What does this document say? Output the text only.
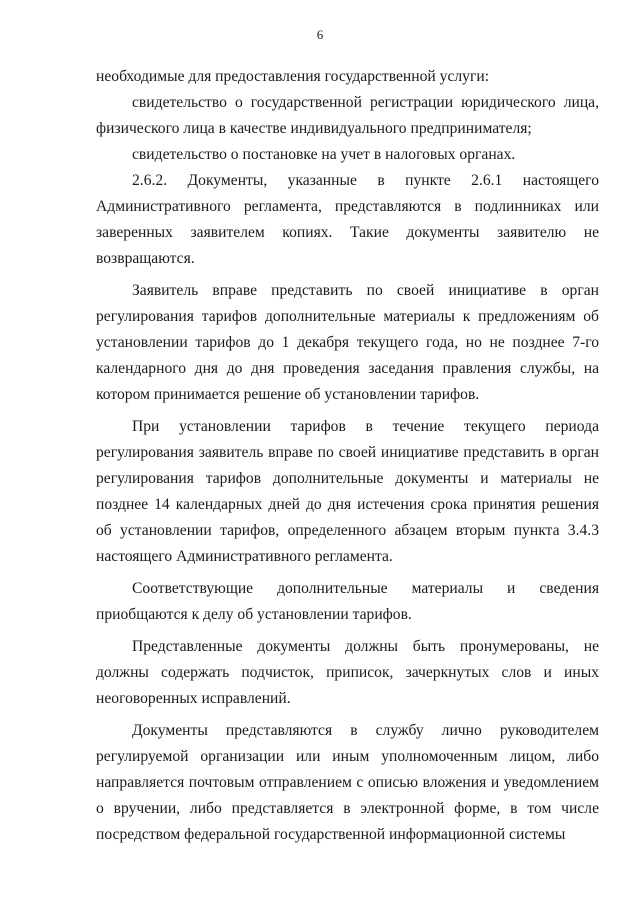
6

необходимые для предоставления государственной услуги:

свидетельство о государственной регистрации юридического лица, физического лица в качестве индивидуального предпринимателя;

свидетельство о постановке на учет в налоговых органах.

2.6.2. Документы, указанные в пункте 2.6.1 настоящего Административного регламента, представляются в подлинниках или заверенных заявителем копиях. Такие документы заявителю не возвращаются.

Заявитель вправе представить по своей инициативе в орган регулирования тарифов дополнительные материалы к предложениям об установлении тарифов до 1 декабря текущего года, но не позднее 7-го календарного дня до дня проведения заседания правления службы, на котором принимается решение об установлении тарифов.

При установлении тарифов в течение текущего периода регулирования заявитель вправе по своей инициативе представить в орган регулирования тарифов дополнительные документы и материалы не позднее 14 календарных дней до дня истечения срока принятия решения об установлении тарифов, определенного абзацем вторым пункта 3.4.3 настоящего Административного регламента.

Соответствующие дополнительные материалы и сведения приобщаются к делу об установлении тарифов.

Представленные документы должны быть пронумерованы, не должны содержать подчисток, приписок, зачеркнутых слов и иных неоговоренных исправлений.

Документы представляются в службу лично руководителем регулируемой организации или иным уполномоченным лицом, либо направляется почтовым отправлением с описью вложения и уведомлением о вручении, либо представляется в электронной форме, в том числе посредством федеральной государственной информационной системы
